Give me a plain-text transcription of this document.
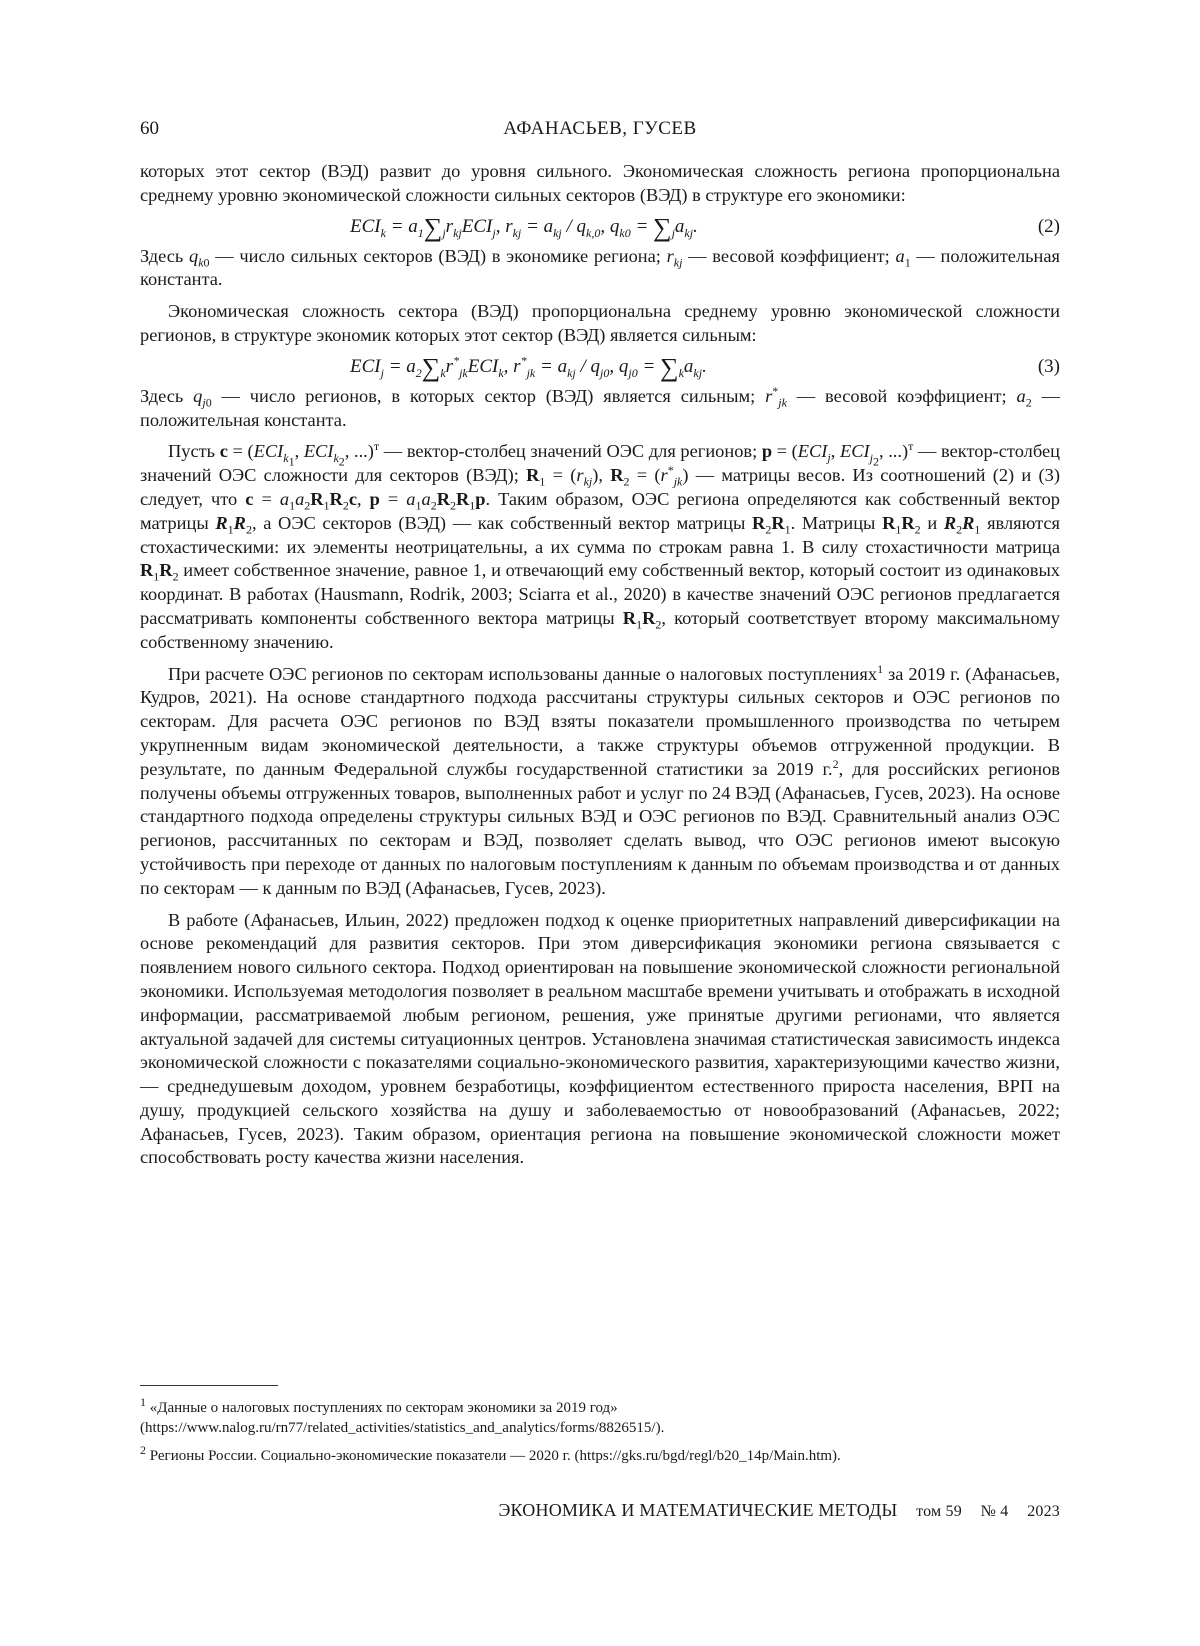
60	АФАНАСЬЕВ, ГУСЕВ

которых этот сектор (ВЭД) развит до уровня сильного. Экономическая сложность региона пропорциональна среднему уровню экономической сложности сильных секторов (ВЭД) в структуре его экономики:

$ECI_k = a_1\sum_jr_{kj}ECI_j$, $r_{kj} = a_{kj} / q_{k,0}$, $q_{k0} = \sum_ja_{kj}$.	(2)

Здесь $q_{k0}$ — число сильных секторов (ВЭД) в экономике региона; $r_{kj}$ — весовой коэффициент; $a_1$ — положительная константа.

Экономическая сложность сектора (ВЭД) пропорциональна среднему уровню экономической сложности регионов, в структуре экономик которых этот сектор (ВЭД) является сильным:

$ECI_j = a_2\sum_kr^*_{jk}ECI_k$, $r^*_{jk} = a_{kj} / q_{j0}$, $q_{j0} = \sum_ka_{kj}$.	(3)

Здесь $q_{j0}$ — число регионов, в которых сектор (ВЭД) является сильным; $r^*_{jk}$ — весовой коэффициент; $a_2$ — положительная константа.

Пусть $c = (ECI_{k_1}$, $ECI_{k_2}$, ...)$^т$ — вектор-столбец значений ОЭС для регионов; $p = (ECI_j$, $ECI_{j_2}$, ...)$^т$ — вектор-столбец значений ОЭС сложности для секторов (ВЭД); $R_1 = (r_{kj})$, $R_2 = (r^*_{jk})$ — матрицы весов. Из соотношений (2) и (3) следует, что $c = a_1a_2R_1R_2c$, $p = a_1a_2R_2R_1p$. Таким образом, ОЭС региона определяются как собственный вектор матрицы $R_1R_2$, а ОЭС секторов (ВЭД) — как собственный вектор матрицы $R_2R_1$. Матрицы $R_1R_2$ и $R_2R_1$ являются стохастическими: их элементы неотрицательны, а их сумма по строкам равна 1. В силу стохастичности матрица $R_1R_2$ имеет собственное значение, равное 1, и отвечающий ему собственный вектор, который состоит из одинаковых координат. В работах (Hausmann, Rodrik, 2003; Sciarra et al., 2020) в качестве значений ОЭС регионов предлагается рассматривать компоненты собственного вектора матрицы $R_1R_2$, который соответствует второму максимальному собственному значению.

При расчете ОЭС регионов по секторам использованы данные о налоговых поступлениях$^1$ за 2019 г. (Афанасьев, Кудров, 2021). На основе стандартного подхода рассчитаны структуры сильных секторов и ОЭС регионов по секторам. Для расчета ОЭС регионов по ВЭД взяты показатели промышленного производства по четырем укрупненным видам экономической деятельности, а также структуры объемов отгруженной продукции. В результате, по данным Федеральной службы государственной статистики за 2019 г.$^2$, для российских регионов получены объемы отгруженных товаров, выполненных работ и услуг по 24 ВЭД (Афанасьев, Гусев, 2023). На основе стандартного подхода определены структуры сильных ВЭД и ОЭС регионов по ВЭД. Сравнительный анализ ОЭС регионов, рассчитанных по секторам и ВЭД, позволяет сделать вывод, что ОЭС регионов имеют высокую устойчивость при переходе от данных по налоговым поступлениям к данным по объемам производства и от данных по секторам — к данным по ВЭД (Афанасьев, Гусев, 2023).

В работе (Афанасьев, Ильин, 2022) предложен подход к оценке приоритетных направлений диверсификации на основе рекомендаций для развития секторов. При этом диверсификация экономики региона связывается с появлением нового сильного сектора. Подход ориентирован на повышение экономической сложности региональной экономики. Используемая методология позволяет в реальном масштабе времени учитывать и отображать в исходной информации, рассматриваемой любым регионом, решения, уже принятые другими регионами, что является актуальной задачей для системы ситуационных центров. Установлена значимая статистическая зависимость индекса экономической сложности с показателями социально-экономического развития, характеризующими качество жизни,— среднедушевым доходом, уровнем безработицы, коэффициентом естественного прироста населения, ВРП на душу, продукцией сельского хозяйства на душу и заболеваемостью от новообразований (Афанасьев, 2022; Афанасьев, Гусев, 2023). Таким образом, ориентация региона на повышение экономической сложности может способствовать росту качества жизни населения.

$^1$ «Данные о налоговых поступлениях по секторам экономики за 2019 год» (https://www.nalog.ru/rn77/related_activities/statistics_and_analytics/forms/8826515/).

$^2$ Регионы России. Социально-экономические показатели — 2020 г. (https://gks.ru/bgd/regl/b20_14p/Main.htm).

ЭКОНОМИКА И МАТЕМАТИЧЕСКИЕ МЕТОДЫ том 59 № 4 2023
